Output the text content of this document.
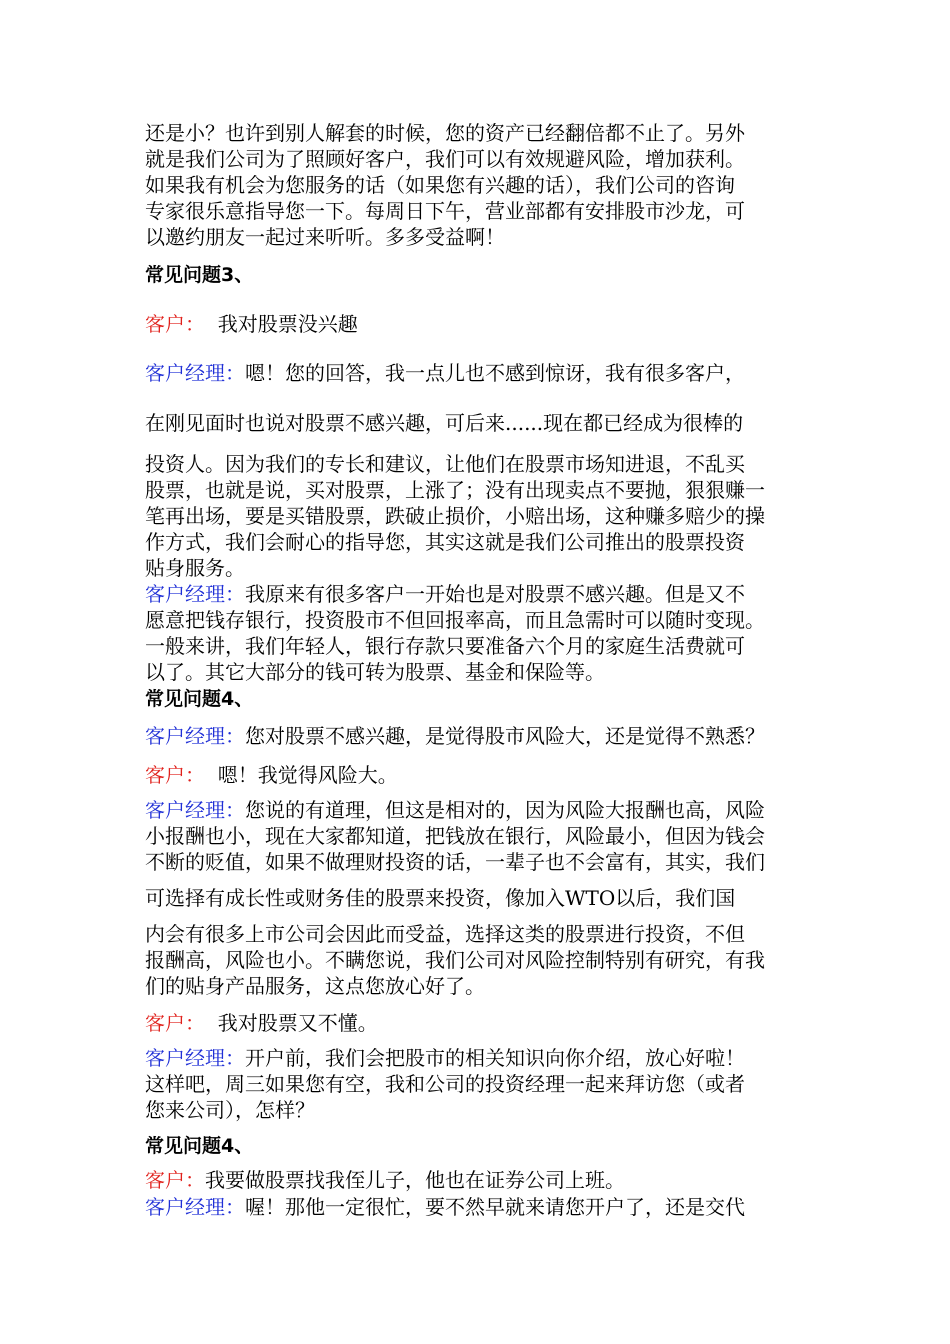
还是小？也许到别人解套的时候，您的资产已经翻倍都不止了。另外

就是我们公司为了照顾好客户，我们可以有效规避风险，增加获利。

如果我有机会为您服务的话（如果您有兴趣的话），我们公司的咨询

专家很乐意指导您一下。每周日下午，营业部都有安排股市沙龙，可

以邀约朋友一起过来听听。多多受益啊！

常见问题3、

客户： 我对股票没兴趣

客户经理：嗯！您的回答，我一点儿也不感到惊讶，我有很多客户，

在刚见面时也说对股票不感兴趣，可后来......现在都已经成为很棒的

投资人。因为我们的专长和建议，让他们在股票市场知进退，不乱买

股票，也就是说，买对股票，上涨了；没有出现卖点不要抛，狠狠赚一

笔再出场，要是买错股票，跌破止损价，小赔出场，这种赚多赔少的操

作方式，我们会耐心的指导您，其实这就是我们公司推出的股票投资

贴身服务。

客户经理：我原来有很多客户一开始也是对股票不感兴趣。但是又不

愿意把钱存银行，投资股市不但回报率高，而且急需时可以随时变现。

一般来讲，我们年轻人，银行存款只要准备六个月的家庭生活费就可

以了。其它大部分的钱可转为股票、基金和保险等。

常见问题4、

客户经理：您对股票不感兴趣，是觉得股市风险大，还是觉得不熟悉？

客户： 嗯！我觉得风险大。

客户经理：您说的有道理，但这是相对的，因为风险大报酬也高，风险

小报酬也小，现在大家都知道，把钱放在银行，风险最小，但因为钱会

不断的贬值，如果不做理财投资的话，一辈子也不会富有，其实，我们

可选择有成长性或财务佳的股票来投资，像加入WTO以后，我们国

内会有很多上市公司会因此而受益，选择这类的股票进行投资，不但

报酬高，风险也小。不瞒您说，我们公司对风险控制特别有研究，有我

们的贴身产品服务，这点您放心好了。

客户： 我对股票又不懂。

客户经理：开户前，我们会把股市的相关知识向你介绍，放心好啦！

这样吧，周三如果您有空，我和公司的投资经理一起来拜访您（或者

您来公司），怎样？

常见问题4、

客户：我要做股票找我侄儿子，他也在证券公司上班。

客户经理：喔！那他一定很忙，要不然早就来请您开户了，还是交代
